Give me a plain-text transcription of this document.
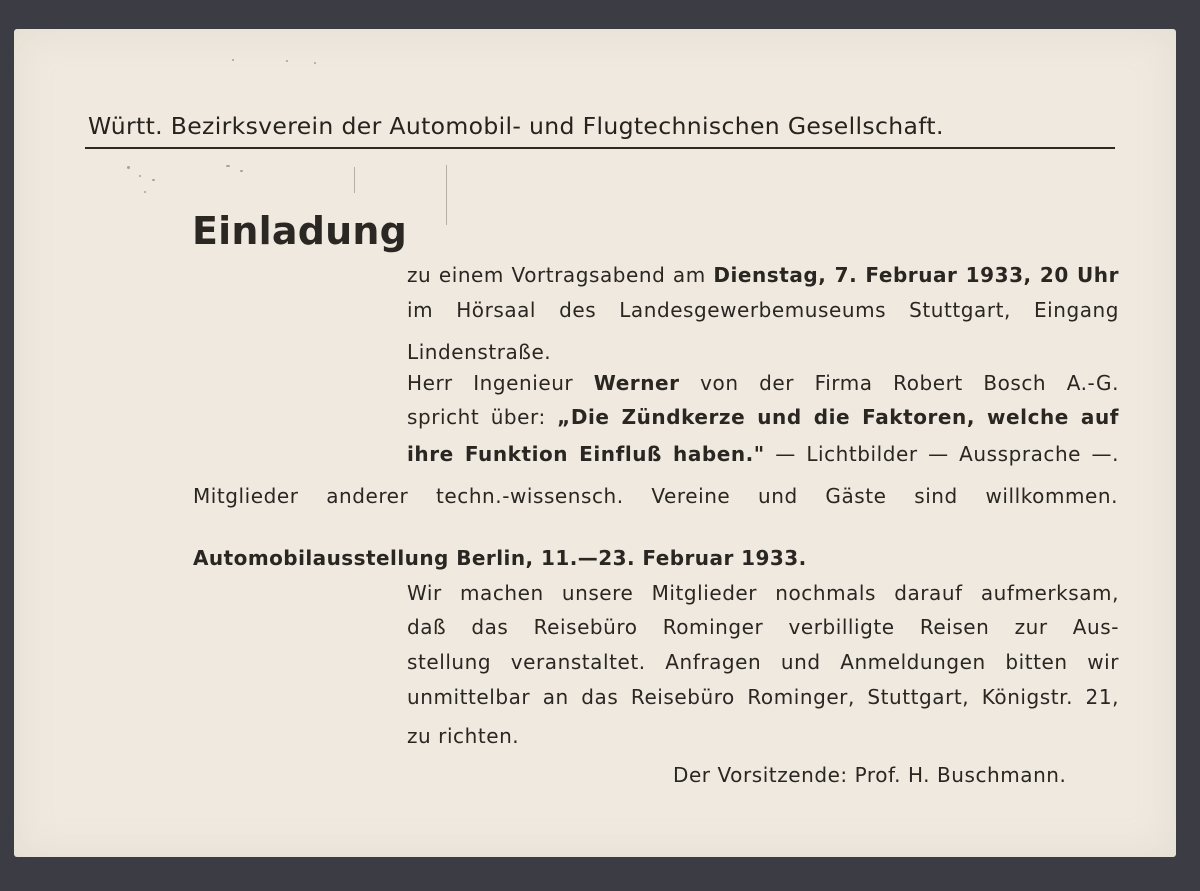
Württ. Bezirksverein der Automobil- und Flugtechnischen Gesellschaft.
Einladung
zu einem Vortragsabend am Dienstag, 7. Februar 1933, 20 Uhr
im Hörsaal des Landesgewerbemuseums Stuttgart, Eingang
Lindenstraße.
Herr Ingenieur Werner von der Firma Robert Bosch A.-G.
spricht über: „Die Zündkerze und die Faktoren, welche auf
ihre Funktion Einfluß haben." — Lichtbilder — Aussprache —.
Mitglieder anderer techn.-wissensch. Vereine und Gäste sind willkommen.
Automobilausstellung Berlin, 11.—23. Februar 1933.
Wir machen unsere Mitglieder nochmals darauf aufmerksam,
daß das Reisebüro Rominger verbilligte Reisen zur Aus-
stellung veranstaltet. Anfragen und Anmeldungen bitten wir
unmittelbar an das Reisebüro Rominger, Stuttgart, Königstr. 21,
zu richten.
Der Vorsitzende: Prof. H. Buschmann.
